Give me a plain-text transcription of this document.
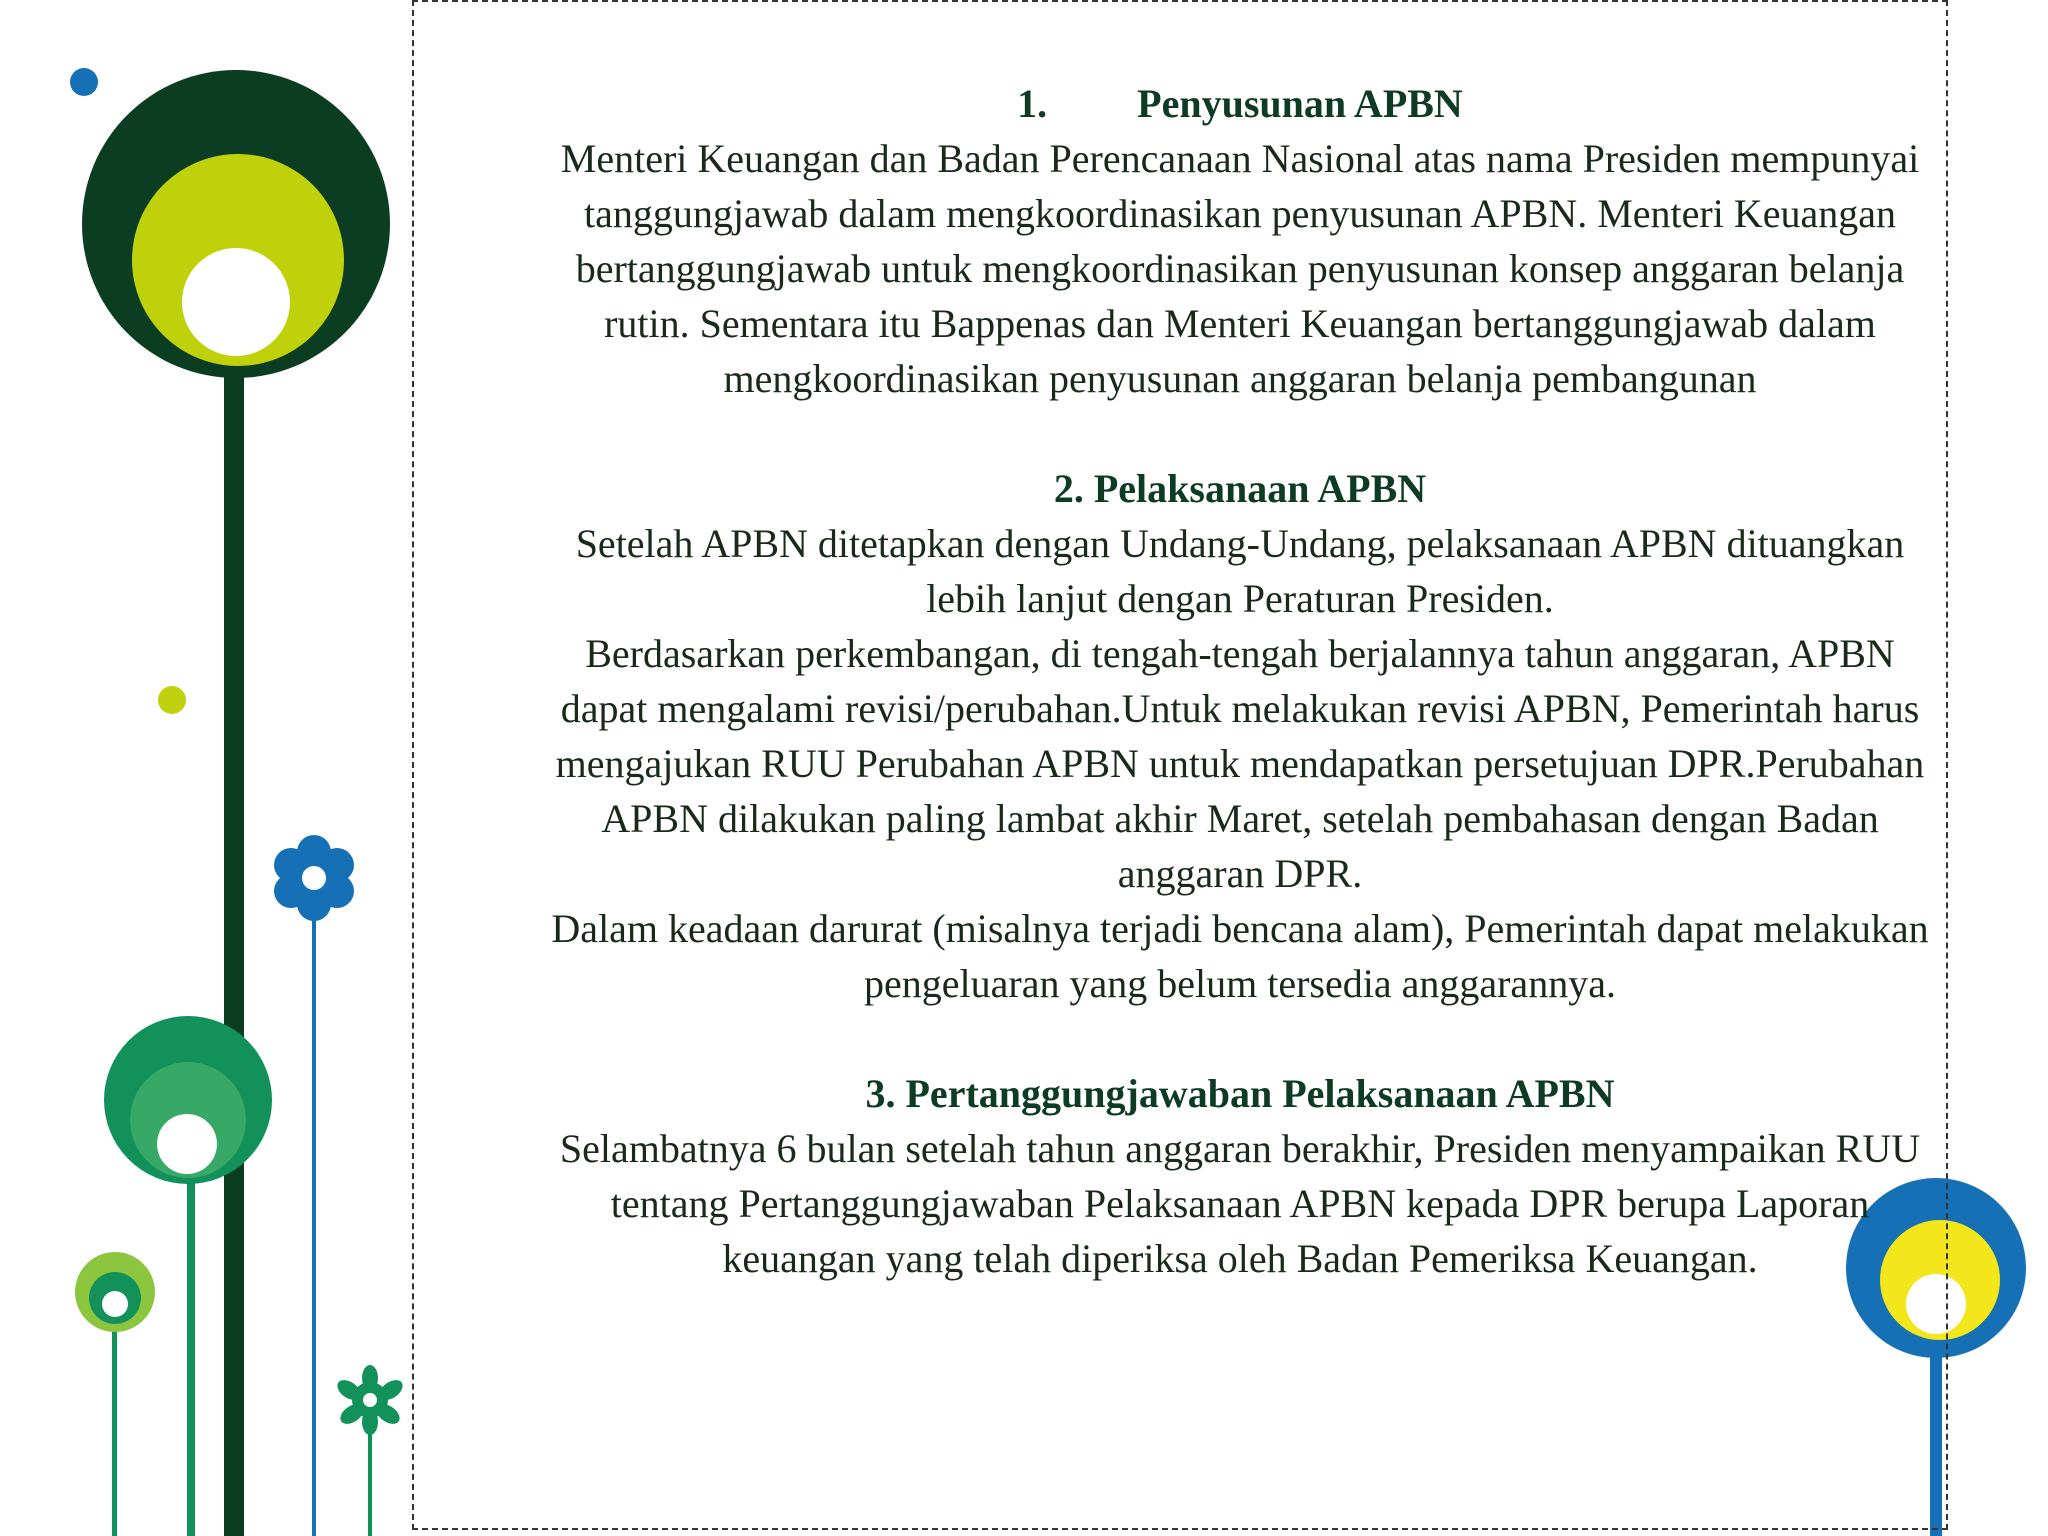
1. Penyusunan APBN
Menteri Keuangan dan Badan Perencanaan Nasional atas nama Presiden mempunyai tanggungjawab dalam mengkoordinasikan penyusunan APBN. Menteri Keuangan bertanggungjawab untuk mengkoordinasikan penyusunan konsep anggaran belanja rutin. Sementara itu Bappenas dan Menteri Keuangan bertanggungjawab dalam mengkoordinasikan penyusunan anggaran belanja pembangunan
2. Pelaksanaan APBN
Setelah APBN ditetapkan dengan Undang-Undang, pelaksanaan APBN dituangkan lebih lanjut dengan Peraturan Presiden.
Berdasarkan perkembangan, di tengah-tengah berjalannya tahun anggaran, APBN dapat mengalami revisi/perubahan.Untuk melakukan revisi APBN, Pemerintah harus mengajukan RUU Perubahan APBN untuk mendapatkan persetujuan DPR.Perubahan APBN dilakukan paling lambat akhir Maret, setelah pembahasan dengan Badan anggaran DPR.
Dalam keadaan darurat (misalnya terjadi bencana alam), Pemerintah dapat melakukan pengeluaran yang belum tersedia anggarannya.
3. Pertanggungjawaban Pelaksanaan APBN
Selambatnya 6 bulan setelah tahun anggaran berakhir, Presiden menyampaikan RUU tentang Pertanggungjawaban Pelaksanaan APBN kepada DPR berupa Laporan keuangan yang telah diperiksa oleh Badan Pemeriksa Keuangan.
